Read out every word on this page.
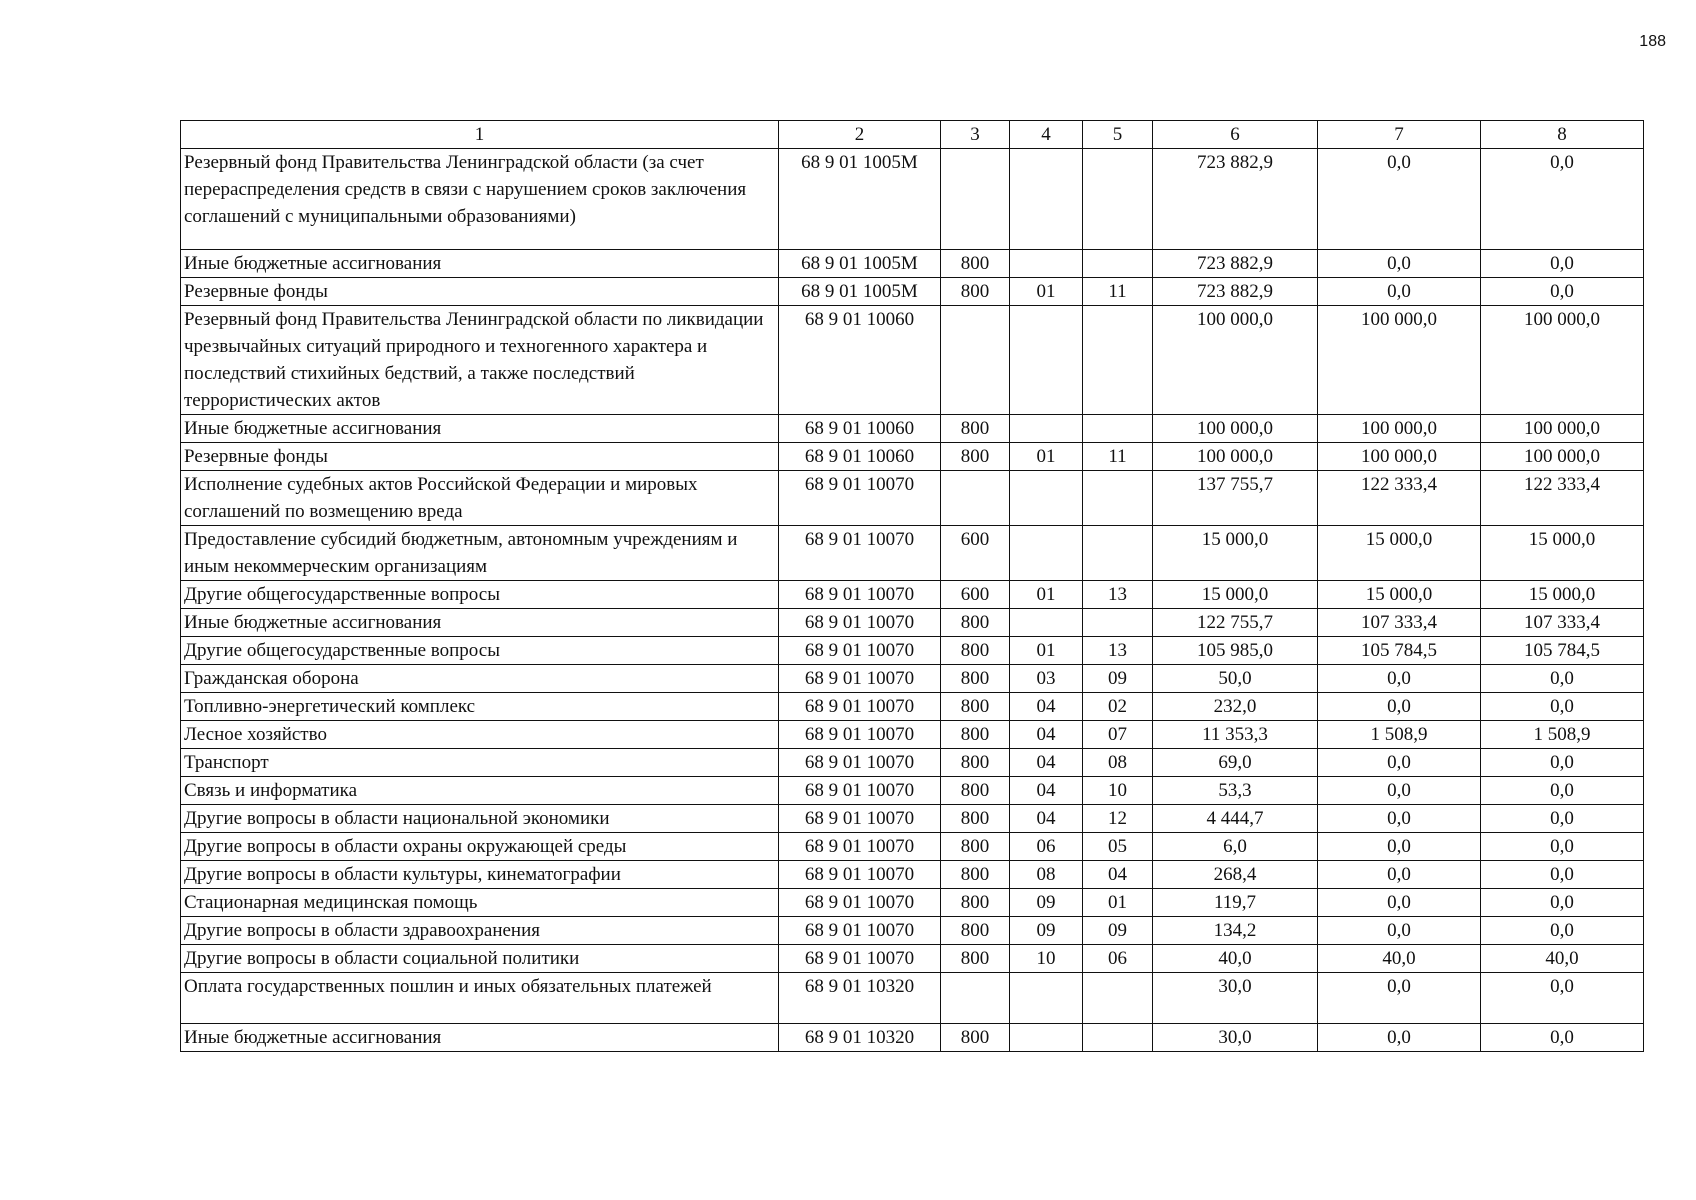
188
1	2	3	4	5	6	7	8
Резервный фонд Правительства Ленинградской области (за счет перераспределения средств в связи с нарушением сроков заключения соглашений с муниципальными образованиями)	68 9 01 1005М				723 882,9	0,0	0,0
Иные бюджетные ассигнования	68 9 01 1005М	800			723 882,9	0,0	0,0
Резервные фонды	68 9 01 1005М	800	01	11	723 882,9	0,0	0,0
Резервный фонд Правительства Ленинградской области по ликвидации чрезвычайных ситуаций природного и техногенного характера и последствий стихийных бедствий, а также последствий террористических актов	68 9 01 10060				100 000,0	100 000,0	100 000,0
Иные бюджетные ассигнования	68 9 01 10060	800			100 000,0	100 000,0	100 000,0
Резервные фонды	68 9 01 10060	800	01	11	100 000,0	100 000,0	100 000,0
Исполнение судебных актов Российской Федерации и мировых соглашений по возмещению вреда	68 9 01 10070				137 755,7	122 333,4	122 333,4
Предоставление субсидий бюджетным, автономным учреждениям и иным некоммерческим организациям	68 9 01 10070	600			15 000,0	15 000,0	15 000,0
Другие общегосударственные вопросы	68 9 01 10070	600	01	13	15 000,0	15 000,0	15 000,0
Иные бюджетные ассигнования	68 9 01 10070	800			122 755,7	107 333,4	107 333,4
Другие общегосударственные вопросы	68 9 01 10070	800	01	13	105 985,0	105 784,5	105 784,5
Гражданская оборона	68 9 01 10070	800	03	09	50,0	0,0	0,0
Топливно-энергетический комплекс	68 9 01 10070	800	04	02	232,0	0,0	0,0
Лесное хозяйство	68 9 01 10070	800	04	07	11 353,3	1 508,9	1 508,9
Транспорт	68 9 01 10070	800	04	08	69,0	0,0	0,0
Связь и информатика	68 9 01 10070	800	04	10	53,3	0,0	0,0
Другие вопросы в области национальной экономики	68 9 01 10070	800	04	12	4 444,7	0,0	0,0
Другие вопросы в области охраны окружающей среды	68 9 01 10070	800	06	05	6,0	0,0	0,0
Другие вопросы в области культуры, кинематографии	68 9 01 10070	800	08	04	268,4	0,0	0,0
Стационарная медицинская помощь	68 9 01 10070	800	09	01	119,7	0,0	0,0
Другие вопросы в области здравоохранения	68 9 01 10070	800	09	09	134,2	0,0	0,0
Другие вопросы в области социальной политики	68 9 01 10070	800	10	06	40,0	40,0	40,0
Оплата государственных пошлин и иных обязательных платежей	68 9 01 10320				30,0	0,0	0,0
Иные бюджетные ассигнования	68 9 01 10320	800			30,0	0,0	0,0
